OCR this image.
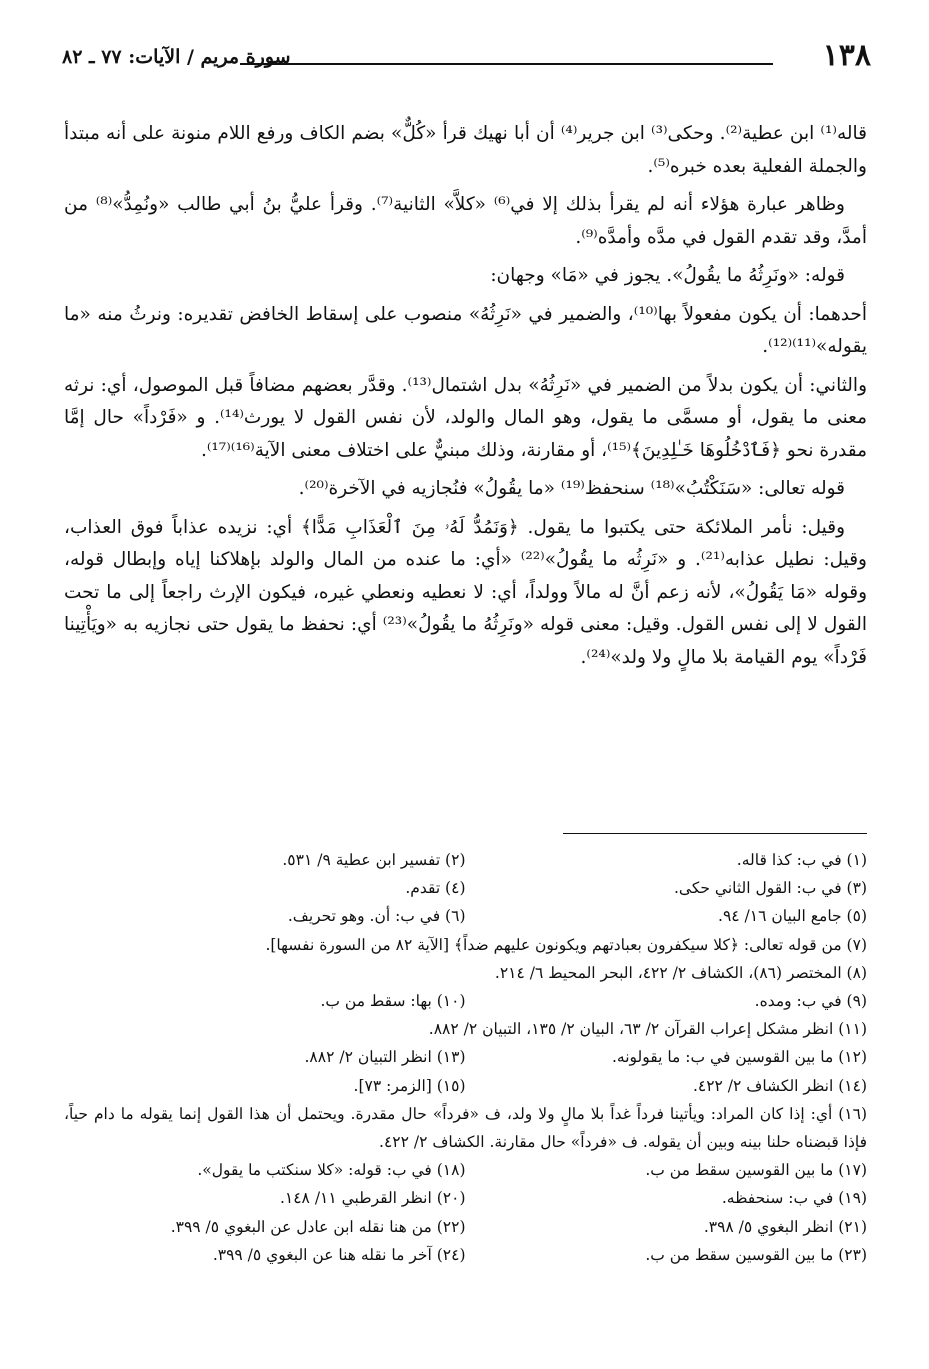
١٣٨
سورة مريم / الآيات: ٧٧ ـ ٨٢

قاله⁽¹⁾ ابن عطية⁽²⁾. وحكى⁽³⁾ ابن جرير⁽⁴⁾ أن أبا نهيك قرأ «كُلٌّ» بضم الكاف ورفع اللام منونة على أنه مبتدأ والجملة الفعلية بعده خبره⁽⁵⁾.

وظاهر عبارة هؤلاء أنه لم يقرأ بذلك إلا في⁽⁶⁾ «كلاَّ» الثانية⁽⁷⁾. وقرأ عليُّ بنُ أبي طالب «ونُمِدُّ»⁽⁸⁾ من أمدَّ، وقد تقدم القول في مدَّه وأمدَّه⁽⁹⁾.

قوله: «ونَرِثُهُ ما يقُولُ». يجوز في «مَا» وجهان:

أحدهما: أن يكون مفعولاً بها⁽¹⁰⁾، والضمير في «نَرِثُهُ» منصوب على إسقاط الخافض تقديره: ونرثُ منه «ما يقوله»⁽¹¹⁾⁽¹²⁾.

والثاني: أن يكون بدلاً من الضمير في «نَرِثُهُ» بدل اشتمال⁽¹³⁾. وقدَّر بعضهم مضافاً قبل الموصول، أي: نرثه معنى ما يقول، أو مسمَّى ما يقول، وهو المال والولد، لأن نفس القول لا يورث⁽¹⁴⁾. و «فَرْداً» حال إمَّا مقدرة نحو ﴿فَٱدْخُلُوهَا خَـٰلِدِينَ﴾⁽¹⁵⁾، أو مقارنة، وذلك مبنيٌّ على اختلاف معنى الآية⁽¹⁶⁾⁽¹⁷⁾.

قوله تعالى: «سَنَكْتُبُ»⁽¹⁸⁾ سنحفظ⁽¹⁹⁾ «ما يقُولُ» فنُجازيه في الآخرة⁽²⁰⁾.

وقيل: نأمر الملائكة حتى يكتبوا ما يقول. ﴿وَنَمُدُّ لَهُۥ مِنَ ٱلْعَذَابِ مَدًّا﴾ أي: نزيده عذاباً فوق العذاب، وقيل: نطيل عذابه⁽²¹⁾. و «نَرِثُه ما يقُولُ»⁽²²⁾ «أي: ما عنده من المال والولد بإهلاكنا إياه وإبطال قوله، وقوله «مَا يَقُولُ»، لأنه زعم أنَّ له مالاً وولداً، أي: لا نعطيه ونعطي غيره، فيكون الإرث راجعاً إلى ما تحت القول لا إلى نفس القول. وقيل: معنى قوله «ونَرِثُهُ ما يقُولُ»⁽²³⁾ أي: نحفظ ما يقول حتى نجازيه به «ويَأْتِينا فَرْداً» يوم القيامة بلا مالٍ ولا ولد»⁽²⁴⁾.

(١) في ب: كذا قاله.
(٢) تفسير ابن عطية ٩/ ٥٣١.
(٣) في ب: القول الثاني حكى.
(٤) تقدم.
(٥) جامع البيان ١٦/ ٩٤.
(٦) في ب: أن. وهو تحريف.
(٧) من قوله تعالى: ﴿كلا سيكفرون بعبادتهم ويكونون عليهم ضداً﴾ [الآية ٨٢ من السورة نفسها].
(٨) المختصر (٨٦)، الكشاف ٢/ ٤٢٢، البحر المحيط ٦/ ٢١٤.
(٩) في ب: ومده.
(١٠) بها: سقط من ب.
(١١) انظر مشكل إعراب القرآن ٢/ ٦٣، البيان ٢/ ١٣٥، التبيان ٢/ ٨٨٢.
(١٢) ما بين القوسين في ب: ما يقولونه.
(١٣) انظر التبيان ٢/ ٨٨٢.
(١٤) انظر الكشاف ٢/ ٤٢٢.
(١٥) [الزمر: ٧٣].
(١٦) أي: إذا كان المراد: ويأتينا فرداً غداً بلا مالٍ ولا ولد، ف «فرداً» حال مقدرة. ويحتمل أن هذا القول إنما يقوله ما دام حياً، فإذا قبضناه حلنا بينه وبين أن يقوله. ف «فرداً» حال مقارنة. الكشاف ٢/ ٤٢٢.
(١٧) ما بين القوسين سقط من ب.
(١٨) في ب: قوله: «كلا سنكتب ما يقول».
(١٩) في ب: سنحفظه.
(٢٠) انظر القرطبي ١١/ ١٤٨.
(٢١) انظر البغوي ٥/ ٣٩٨.
(٢٢) من هنا نقله ابن عادل عن البغوي ٥/ ٣٩٩.
(٢٣) ما بين القوسين سقط من ب.
(٢٤) آخر ما نقله هنا عن البغوي ٥/ ٣٩٩.
